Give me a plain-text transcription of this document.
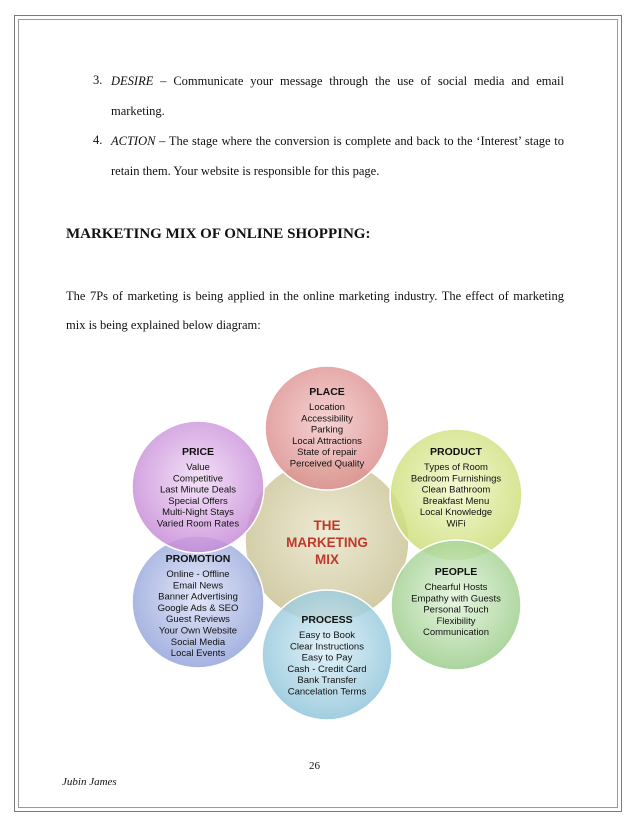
3. DESIRE – Communicate your message through the use of social media and email
marketing.
4. ACTION – The stage where the conversion is complete and back to the ‘Interest’ stage to
retain them. Your website is responsible for this page.
MARKETING MIX OF ONLINE SHOPPING:
The 7Ps of marketing is being applied in the online marketing industry. The effect of marketing
mix is being explained below diagram:
PLACE
Location
Accessibility
Parking
Local Attractions
State of repair
Perceived Quality
PRODUCT
Types of Room
Bedroom Furnishings
Clean Bathroom
Breakfast Menu
Local Knowledge
WiFi
PEOPLE
Chearful Hosts
Empathy with Guests
Personal Touch
Flexibility
Communication
PROCESS
Easy to Book
Clear Instructions
Easy to Pay
Cash - Credit Card
Bank Transfer
Cancelation Terms
PROMOTION
Online - Offline
Email News
Banner Advertising
Google Ads & SEO
Guest Reviews
Your Own Website
Social Media
Local Events
PRICE
Value
Competitive
Last Minute Deals
Special Offers
Multi-Night Stays
Varied Room Rates	THE
MARKETING
MIX
26
Jubin James
